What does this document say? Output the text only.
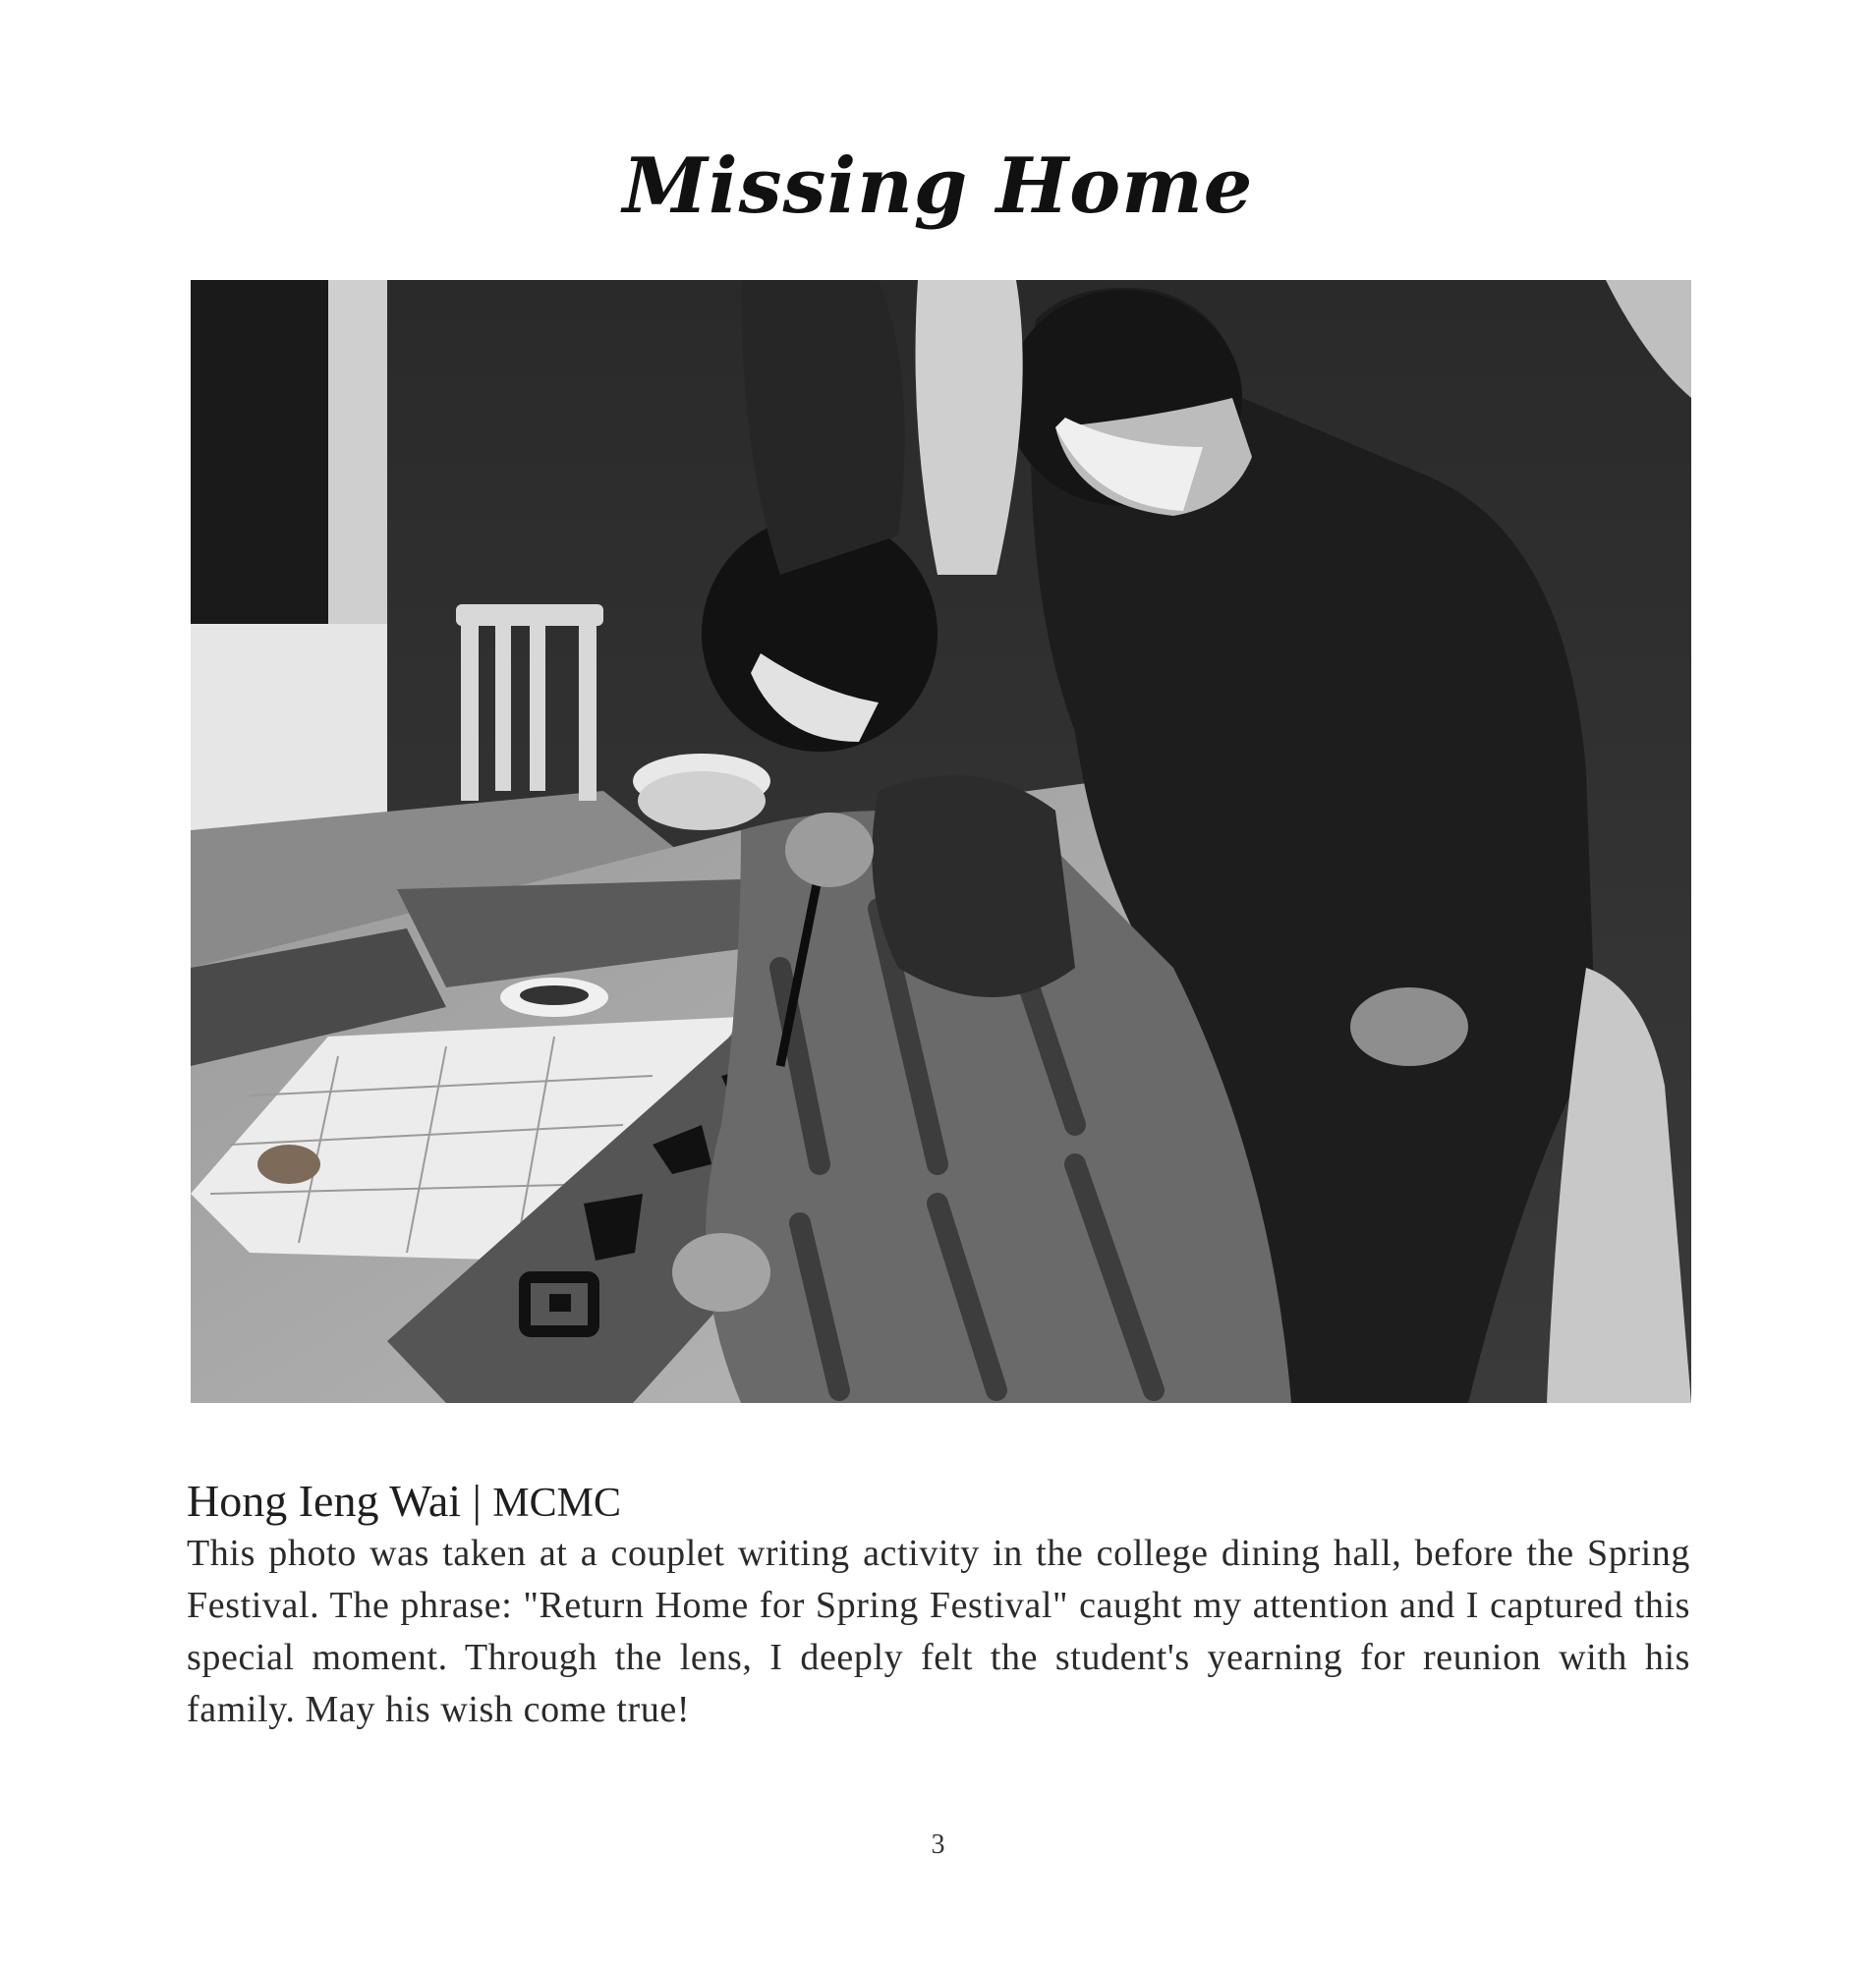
Missing Home
Hong Ieng Wai | MCMC

This photo was taken at a couplet writing activity in the college dining hall, before the Spring Festival. The phrase: "Return Home for Spring Festival" caught my attention and I captured this special moment. Through the lens, I deeply felt the student's yearning for reunion with his family. May his wish come true!

3
